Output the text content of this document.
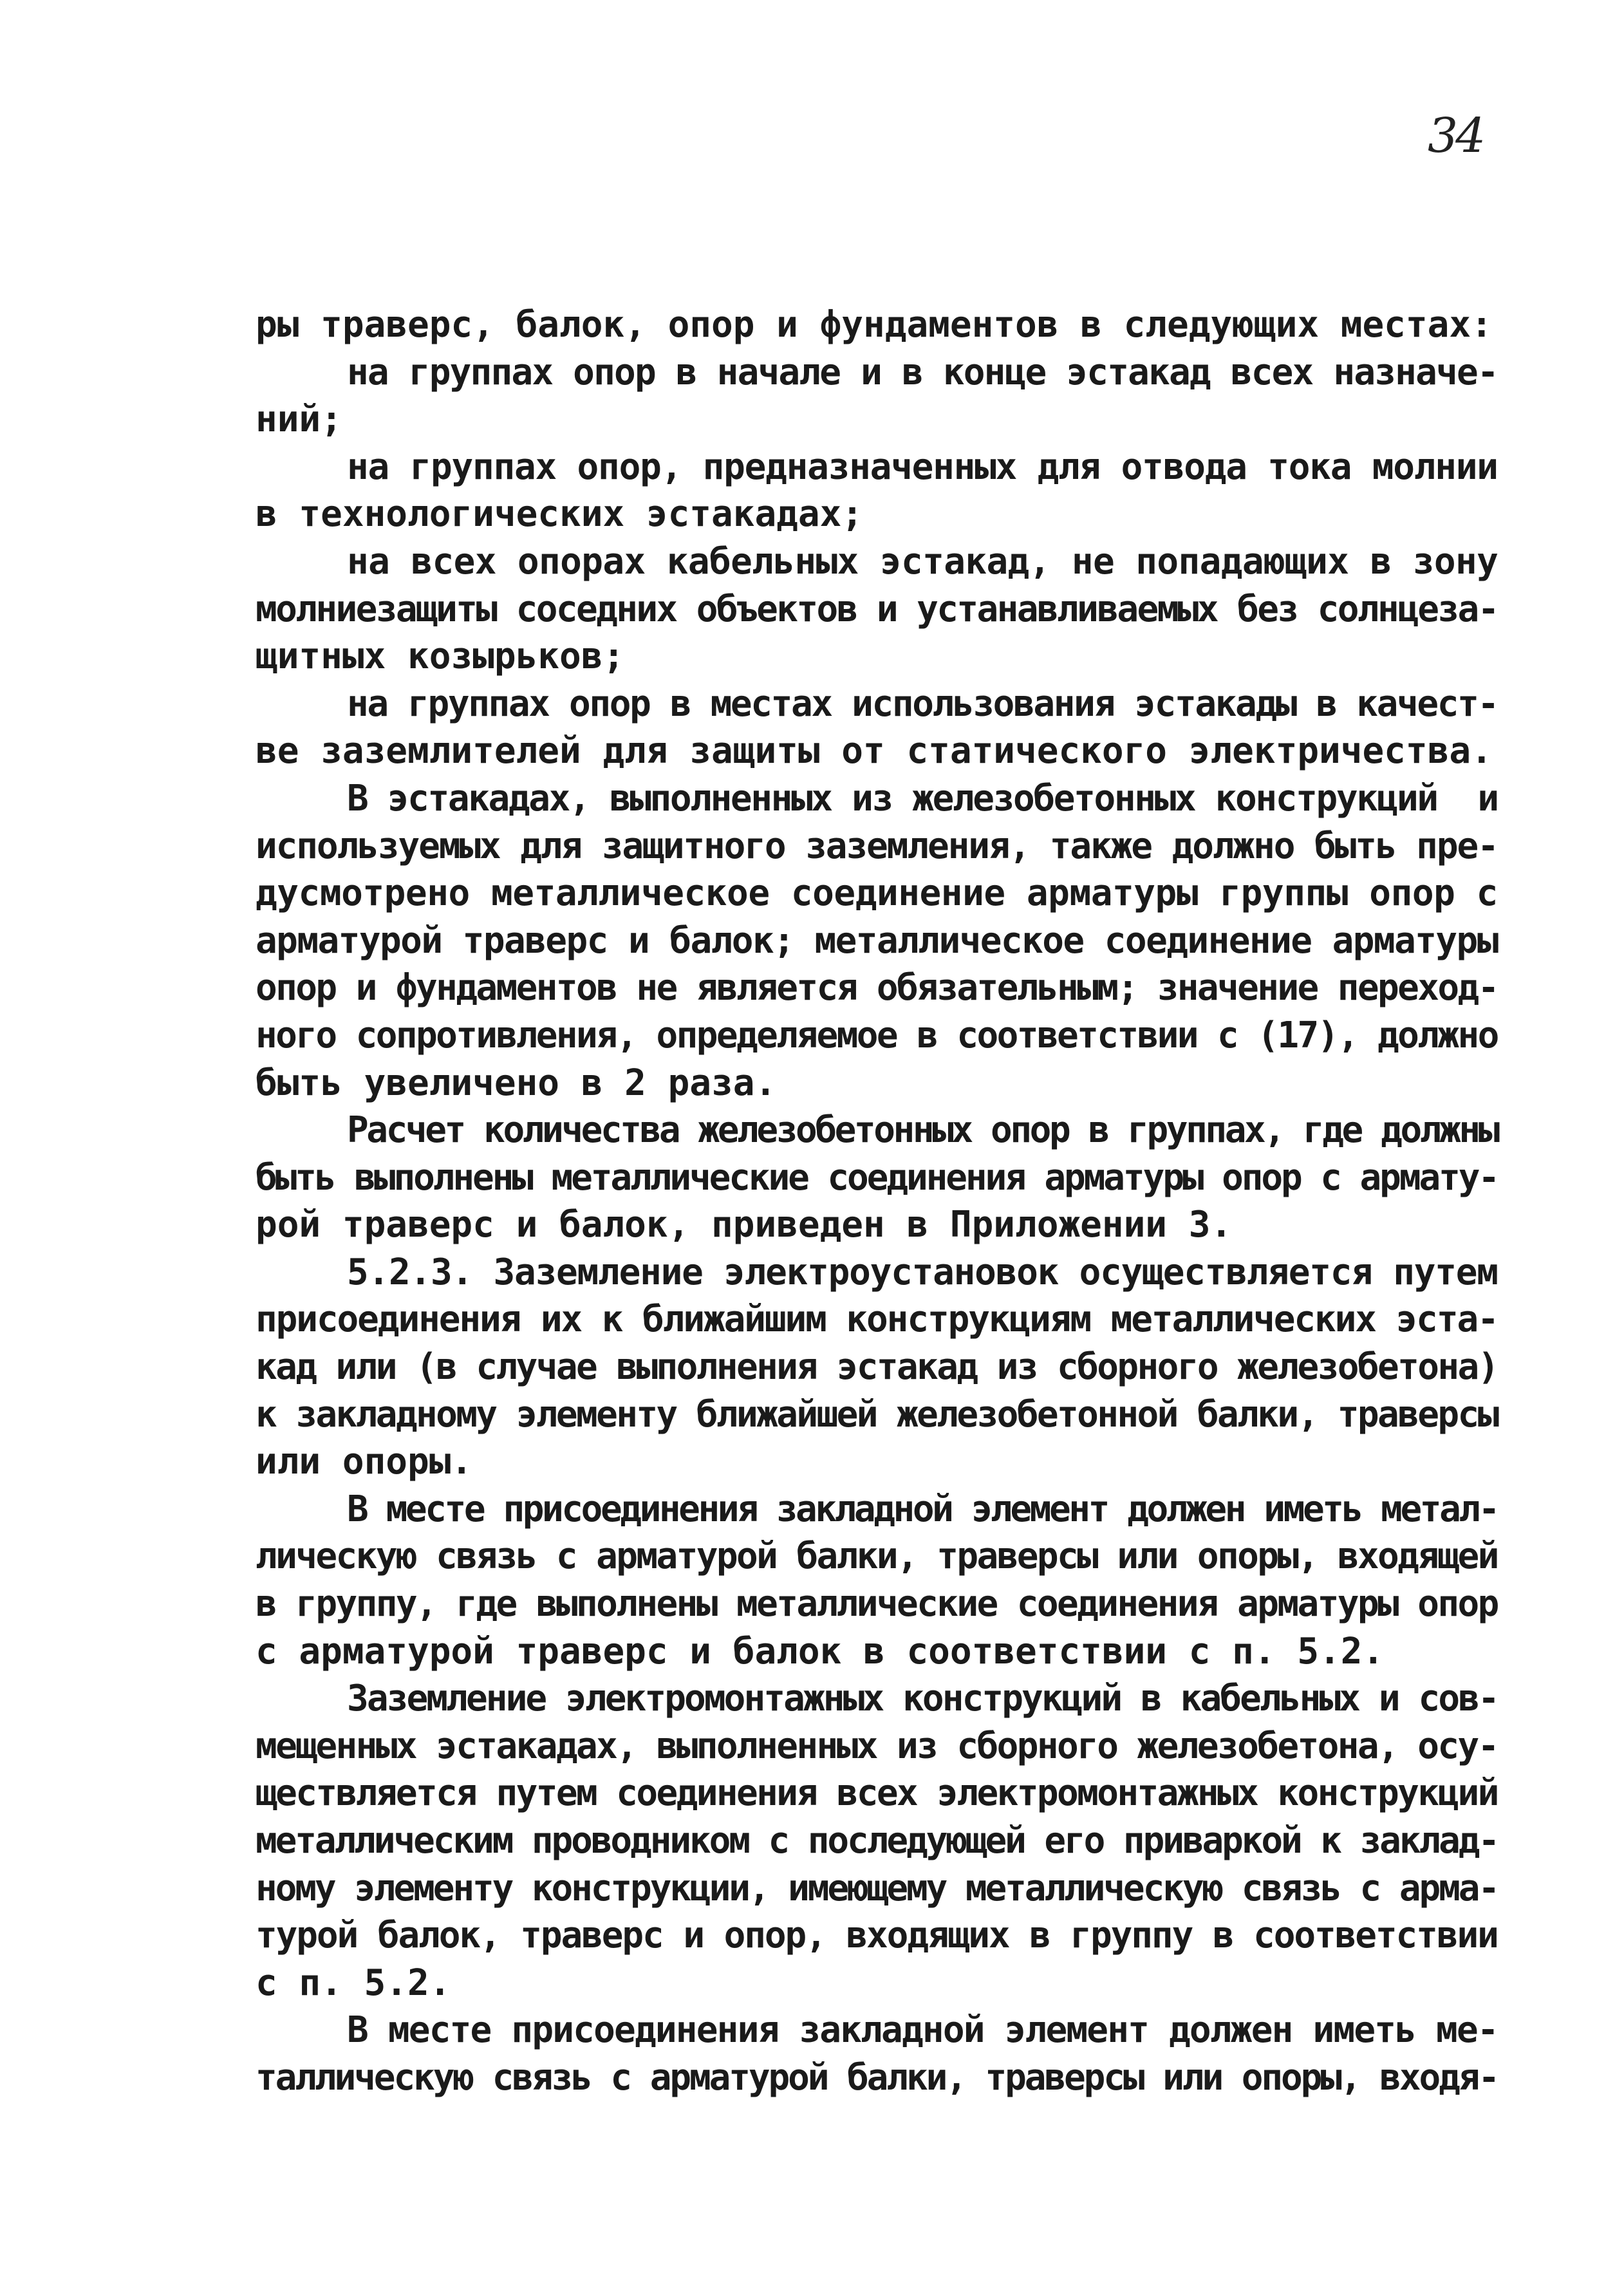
34
ры траверс, балок, опор и фундаментов в следующих местах:
на группах опор в начале и в конце эстакад всех назначе-
ний;
на группах опор, предназначенных для отвода тока молнии
в технологических эстакадах;
на всех опорах кабельных эстакад, не попадающих в зону
молниезащиты соседних объектов и устанавливаемых без солнцеза-
щитных козырьков;
на группах опор в местах использования эстакады в качест-
ве заземлителей для защиты от статического электричества.
В эстакадах, выполненных из железобетонных конструкций  и
используемых для защитного заземления, также должно быть пре-
дусмотрено металлическое соединение арматуры группы опор с
арматурой траверс и балок; металлическое соединение арматуры
опор и фундаментов не является обязательным; значение переход-
ного сопротивления, определяемое в соответствии с (17), должно
быть увеличено в 2 раза.
Расчет количества железобетонных опор в группах, где должны
быть выполнены металлические соединения арматуры опор с армату-
рой траверс и балок, приведен в Приложении 3.
5.2.3. Заземление электроустановок осуществляется путем
присоединения их к ближайшим конструкциям металлических эста-
кад или (в случае выполнения эстакад из сборного железобетона)
к закладному элементу ближайшей железобетонной балки, траверсы
или опоры.
В месте присоединения закладной элемент должен иметь метал-
лическую связь с арматурой балки, траверсы или опоры, входящей
в группу, где выполнены металлические соединения арматуры опор
с арматурой траверс и балок в соответствии с п. 5.2.
Заземление электромонтажных конструкций в кабельных и сов-
мещенных эстакадах, выполненных из сборного железобетона, осу-
ществляется путем соединения всех электромонтажных конструкций
металлическим проводником с последующей его приваркой к заклад-
ному элементу конструкции, имеющему металлическую связь с арма-
турой балок, траверс и опор, входящих в группу в соответствии
с п. 5.2.
В месте присоединения закладной элемент должен иметь ме-
таллическую связь с арматурой балки, траверсы или опоры, входя-
